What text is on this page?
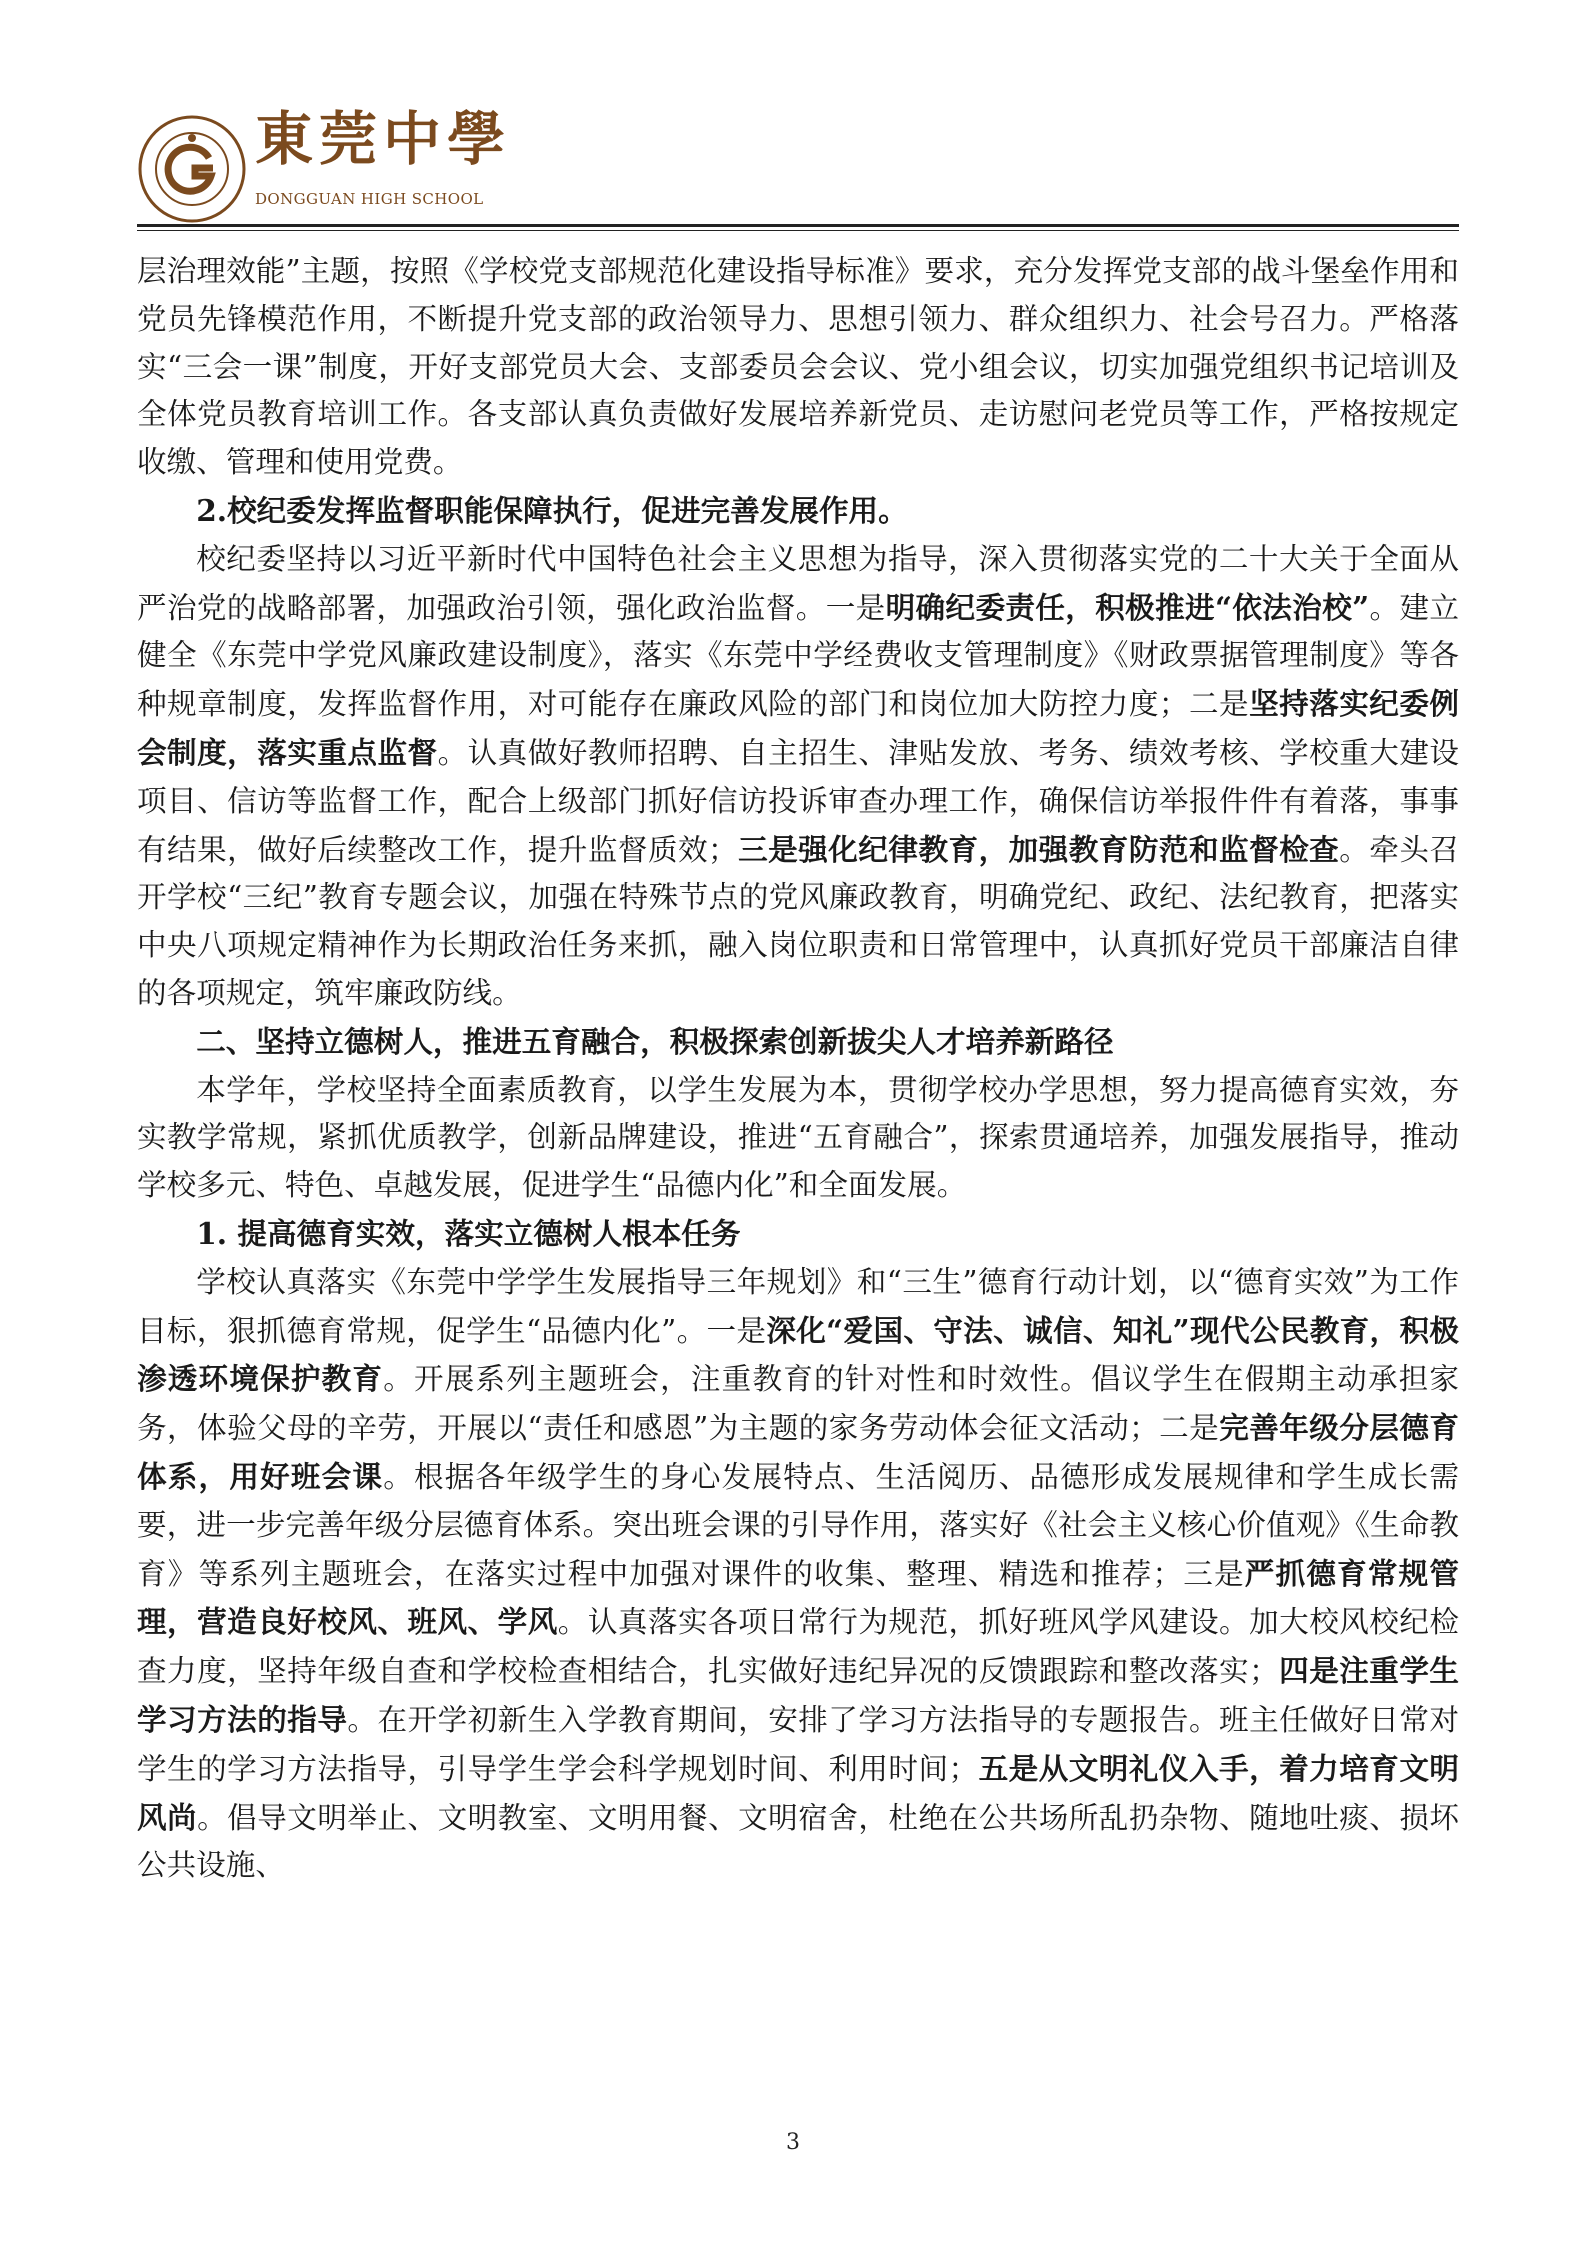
東莞中學
DONGGUAN HIGH SCHOOL

层治理效能”主题，按照《学校党支部规范化建设指导标准》要求，充分发挥党支部的战斗堡垒作用和党员先锋模范作用，不断提升党支部的政治领导力、思想引领力、群众组织力、社会号召力。严格落实“三会一课”制度，开好支部党员大会、支部委员会会议、党小组会议，切实加强党组织书记培训及全体党员教育培训工作。各支部认真负责做好发展培养新党员、走访慰问老党员等工作，严格按规定收缴、管理和使用党费。

2.校纪委发挥监督职能保障执行，促进完善发展作用。

校纪委坚持以习近平新时代中国特色社会主义思想为指导，深入贯彻落实党的二十大关于全面从严治党的战略部署，加强政治引领，强化政治监督。一是明确纪委责任，积极推进“依法治校”。建立健全《东莞中学党风廉政建设制度》，落实《东莞中学经费收支管理制度》《财政票据管理制度》等各种规章制度，发挥监督作用，对可能存在廉政风险的部门和岗位加大防控力度；二是坚持落实纪委例会制度，落实重点监督。认真做好教师招聘、自主招生、津贴发放、考务、绩效考核、学校重大建设项目、信访等监督工作，配合上级部门抓好信访投诉审查办理工作，确保信访举报件件有着落，事事有结果，做好后续整改工作，提升监督质效；三是强化纪律教育，加强教育防范和监督检查。牵头召开学校“三纪”教育专题会议，加强在特殊节点的党风廉政教育，明确党纪、政纪、法纪教育，把落实中央八项规定精神作为长期政治任务来抓，融入岗位职责和日常管理中，认真抓好党员干部廉洁自律的各项规定，筑牢廉政防线。

二、坚持立德树人，推进五育融合，积极探索创新拔尖人才培养新路径

本学年，学校坚持全面素质教育，以学生发展为本，贯彻学校办学思想，努力提高德育实效，夯实教学常规，紧抓优质教学，创新品牌建设，推进“五育融合”，探索贯通培养，加强发展指导，推动学校多元、特色、卓越发展，促进学生“品德内化”和全面发展。

1. 提高德育实效，落实立德树人根本任务

学校认真落实《东莞中学学生发展指导三年规划》和“三生”德育行动计划，以“德育实效”为工作目标，狠抓德育常规，促学生“品德内化”。一是深化“爱国、守法、诚信、知礼”现代公民教育，积极渗透环境保护教育。开展系列主题班会，注重教育的针对性和时效性。倡议学生在假期主动承担家务，体验父母的辛劳，开展以“责任和感恩”为主题的家务劳动体会征文活动；二是完善年级分层德育体系，用好班会课。根据各年级学生的身心发展特点、生活阅历、品德形成发展规律和学生成长需要，进一步完善年级分层德育体系。突出班会课的引导作用，落实好《社会主义核心价值观》《生命教育》等系列主题班会，在落实过程中加强对课件的收集、整理、精选和推荐；三是严抓德育常规管理，营造良好校风、班风、学风。认真落实各项日常行为规范，抓好班风学风建设。加大校风校纪检查力度，坚持年级自查和学校检查相结合，扎实做好违纪异况的反馈跟踪和整改落实；四是注重学生学习方法的指导。在开学初新生入学教育期间，安排了学习方法指导的专题报告。班主任做好日常对学生的学习方法指导，引导学生学会科学规划时间、利用时间；五是从文明礼仪入手，着力培育文明风尚。倡导文明举止、文明教室、文明用餐、文明宿舍，杜绝在公共场所乱扔杂物、随地吐痰、损坏公共设施、

3
